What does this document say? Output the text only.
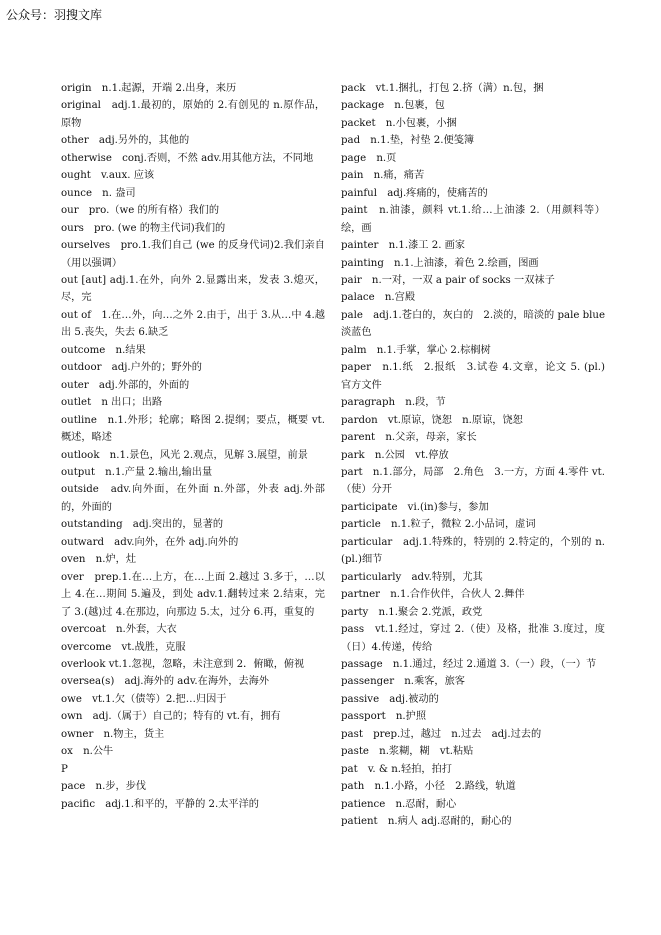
公众号：羽搜文库

origin　n.1.起源，开端 2.出身，来历

original　adj.1.最初的，原始的 2.有创见的 n.原作品，原物

other　adj.另外的，其他的

otherwise　conj.否则，不然 adv.用其他方法，不同地

ought　v.aux. 应该

ounce　n. 盎司

our　pro.（we 的所有格）我们的

ours　pro. (we 的物主代词)我们的

ourselves　pro.1.我们自己 (we 的反身代词)2.我们亲自（用以强调）

out [aut] adj.1.在外，向外 2.显露出来，发表 3.熄灭，尽，完

out of　1.在…外，向…之外 2.由于，出于 3.从…中 4.越出 5.丧失，失去 6.缺乏

outcome　n.结果

outdoor　adj.户外的；野外的

outer　adj.外部的，外面的

outlet　n 出口；出路

outline　n.1.外形；轮廓；略图 2.提纲；要点，概要 vt. 概述，略述

outlook　n.1.景色，风光 2.观点，见解 3.展望，前景

output　n.1.产量 2.输出,输出量

outside　adv.向外面，在外面 n.外部，外表 adj.外部的，外面的

outstanding　adj.突出的，显著的

outward　adv.向外，在外 adj.向外的

oven　n.炉，灶

over　prep.1.在…上方，在…上面 2.越过 3.多于，…以上 4.在…期间 5.遍及，到处 adv.1.翻转过来 2.结束，完了 3.(越)过 4.在那边，向那边 5.太，过分 6.再，重复的

overcoat　n.外套，大衣

overcome　vt.战胜，克服

overlook vt.1.忽视，忽略，未注意到 2．俯瞰，俯视

oversea(s)　adj.海外的 adv.在海外，去海外

owe　vt.1.欠（债等）2.把…归因于

own　adj.（属于）自己的；特有的 vt.有，拥有

owner　n.物主，货主

ox　n.公牛

P

pace　n.步，步伐

pacific　adj.1.和平的，平静的 2.太平洋的

pack　vt.1.捆扎，打包 2.挤（满）n.包，捆

package　n.包裹，包

packet　n.小包裹，小捆

pad　n.1.垫，衬垫 2.便笺簿

page　n.页

pain　n.痛，痛苦

painful　adj.疼痛的，使痛苦的

paint　n.油漆，颜料 vt.1.给…上油漆 2.（用颜料等）绘，画

painter　n.1.漆工 2. 画家

painting　n.1.上油漆，着色 2.绘画，图画

pair　n.一对，一双 a pair of socks 一双袜子

palace　n.宫殿

pale　adj.1.苍白的，灰白的　2.淡的，暗淡的 pale blue 淡蓝色

palm　n.1.手掌，掌心 2.棕榈树

paper　n.1.纸　2.报纸　3.试卷 4.文章，论文 5. (pl.) 官方文件

paragraph　n.段，节

pardon　vt.原谅，饶恕　n.原谅，饶恕

parent　n.父亲，母亲，家长

park　n.公园　vt.停放

part　n.1.部分，局部　2.角色　3.一方，方面 4.零件 vt.（使）分开

participate　vi.(in)参与，参加

particle　n.1.粒子，微粒 2.小品词，虚词

particular　adj.1.特殊的，特别的 2.特定的，个别的 n.(pl.)细节

particularly　adv.特别，尤其

partner　n.1.合作伙伴，合伙人 2.舞伴

party　n.1.聚会 2.党派，政党

pass　vt.1.经过，穿过 2.（使）及格，批准 3.度过，度（日）4.传递，传给

passage　n.1.通过，经过 2.通道 3.（一）段，（一）节

passenger　n.乘客，旅客

passive　adj.被动的

passport　n.护照

past　prep.过，越过　n.过去　adj.过去的

paste　n.浆糊，糊　vt.粘贴

pat　v. & n.轻拍，拍打

path　n.1.小路，小径　2.路线，轨道

patience　n.忍耐，耐心

patient　n.病人 adj.忍耐的，耐心的
